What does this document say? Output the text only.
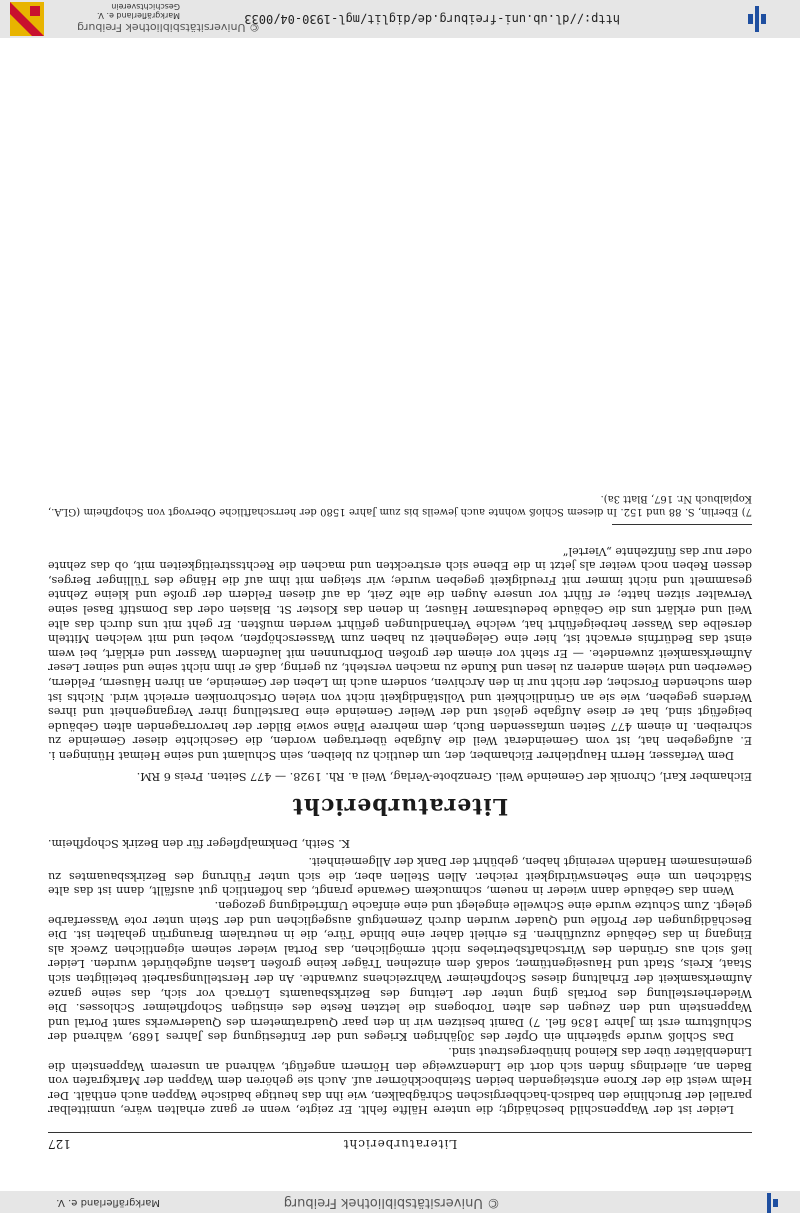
http://dl.ub.uni-freiburg.de/diglit/mgl-1930-04/0033
© Universitätsbibliothek Freiburg
Markgräflerland e. V.
Geschichtsverein
© Universitätsbibliothek Freiburg
Markgräflerland e. V.
Literaturbericht
127

Leider ist der Wappenschild beschädigt; die untere Hälfte fehlt. Er zeigte, wenn er ganz erhalten wäre, unmittelbar parallel der Bruchlinie den badisch-hachbergischen Schrägbalken, wie ihn das heutige badische Wappen auch enthält. Der Helm weist die der Krone entsteigenden beiden Steinbockhörner auf. Auch sie gehören dem Wappen der Markgrafen von Baden an, allerdings finden sich dort die Lindenzweige den Hörnern angefügt, während an unserem Wappenstein die Lindenblätter über das Kleinod hinübergestreut sind.

Das Schloß wurde späterhin ein Opfer des 30jährigen Krieges und der Entfestigung des Jahres 1689, während der Schlußturm erst im Jahre 1836 fiel. 7) Damit besitzen wir in den paar Quadratmetern des Quaderwerks samt Portal und Wappenstein und den Zeugen des alten Torbogens die letzten Reste des einstigen Schopfheimer Schlosses. Die Wiederherstellung des Portals ging unter der Leitung des Bezirksbauamts Lörrach vor sich, das seine ganze Aufmerksamkeit der Erhaltung dieses Schopfheimer Wahrzeichens zuwandte. An der Herstellungsarbeit beteiligten sich Staat, Kreis, Stadt und Hauseigentümer, sodaß dem einzelnen Träger keine großen Lasten aufgebürdet wurden. Leider ließ sich aus Gründen des Wirtschaftsbetriebes nicht ermöglichen, das Portal wieder seinem eigentlichen Zweck als Eingang in das Gebäude zuzuführen. Es erhielt daher eine blinde Türe, die in neutralem Braungrün gehalten ist. Die Beschädigungen der Profile und Quader wurden durch Zementguß ausgeglichen und der Stein unter rote Wasserfarbe gelegt. Zum Schutze wurde eine Schwelle eingelegt und eine einfache Umfriedigung gezogen.

Wenn das Gebäude dann wieder in neuem, schmuckem Gewande prangt, das hoffentlich gut ausfällt, dann ist das alte Städtchen um eine Sehenswürdigkeit reicher. Allen Stellen aber, die sich unter Führung des Bezirksbauamtes zu gemeinsamem Handeln vereinigt haben, gebührt der Dank der Allgemeinheit.

K. Seith, Denkmalpfleger für den Bezirk Schopfheim.

Literaturbericht

Eichamber Karl, Chronik der Gemeinde Weil. Grenzbote-Verlag, Weil a. Rh. 1928. — 477 Seiten. Preis 6 RM.

Dem Verfasser, Herrn Hauptlehrer Eichamber, der, um deutlich zu bleiben, sein Schulamt und seine Heimat Hüningen i. E. aufgegeben hat, ist vom Gemeinderat Weil die Aufgabe übertragen worden, die Geschichte dieser Gemeinde zu schreiben. In einem 477 Seiten umfassenden Buch, dem mehrere Pläne sowie Bilder der hervorragenden alten Gebäude beigefügt sind, hat er diese Aufgabe gelöst und der Weiler Gemeinde eine Darstellung ihrer Vergangenheit und ihres Werdens gegeben, wie sie an Gründlichkeit und Vollständigkeit nicht von vielen Ortschroniken erreicht wird. Nichts ist dem suchenden Forscher, der nicht nur in den Archiven, sondern auch im Leben der Gemeinde, an ihren Häusern, Feldern, Gewerben und vielem anderen zu lesen und Kunde zu machen versteht, zu gering, daß er ihm nicht seine und seiner Leser Aufmerksamkeit zuwendete. — Er steht vor einem der großen Dorfbrunnen mit laufendem Wasser und erklärt, bei wem einst das Bedürfnis erwacht ist, hier eine Gelegenheit zu haben zum Wasserschöpfen, wobei und mit welchen Mitteln derselbe das Wasser herbeigeführt hat, welche Verhandlungen geführt werden mußten. Er geht mit uns durch das alte Weil und erklärt uns die Gebäude bedeutsamer Häuser, in denen das Kloster St. Blasien oder das Domstift Basel seine Verwalter sitzen hatte; er führt vor unsere Augen die alte Zeit, da auf diesen Feldern der große und kleine Zehnte gesammelt und nicht immer mit Freudigkeit gegeben wurde; wir steigen mit ihm auf die Hänge des Tüllinger Berges, dessen Reben noch weiter als jetzt in die Ebene sich erstreckten und machen die Rechtsstreitigkeiten mit, ob das zehnte oder nur das fünfzehnte „Viertel“

7) Eberlin, S. 88 und 152. In diesem Schloß wohnte auch jeweils bis zum Jahre 1580 der herrschaftliche Obervogt von Schopfheim (GLA., Kopialbuch Nr. 167, Blatt 3a).
